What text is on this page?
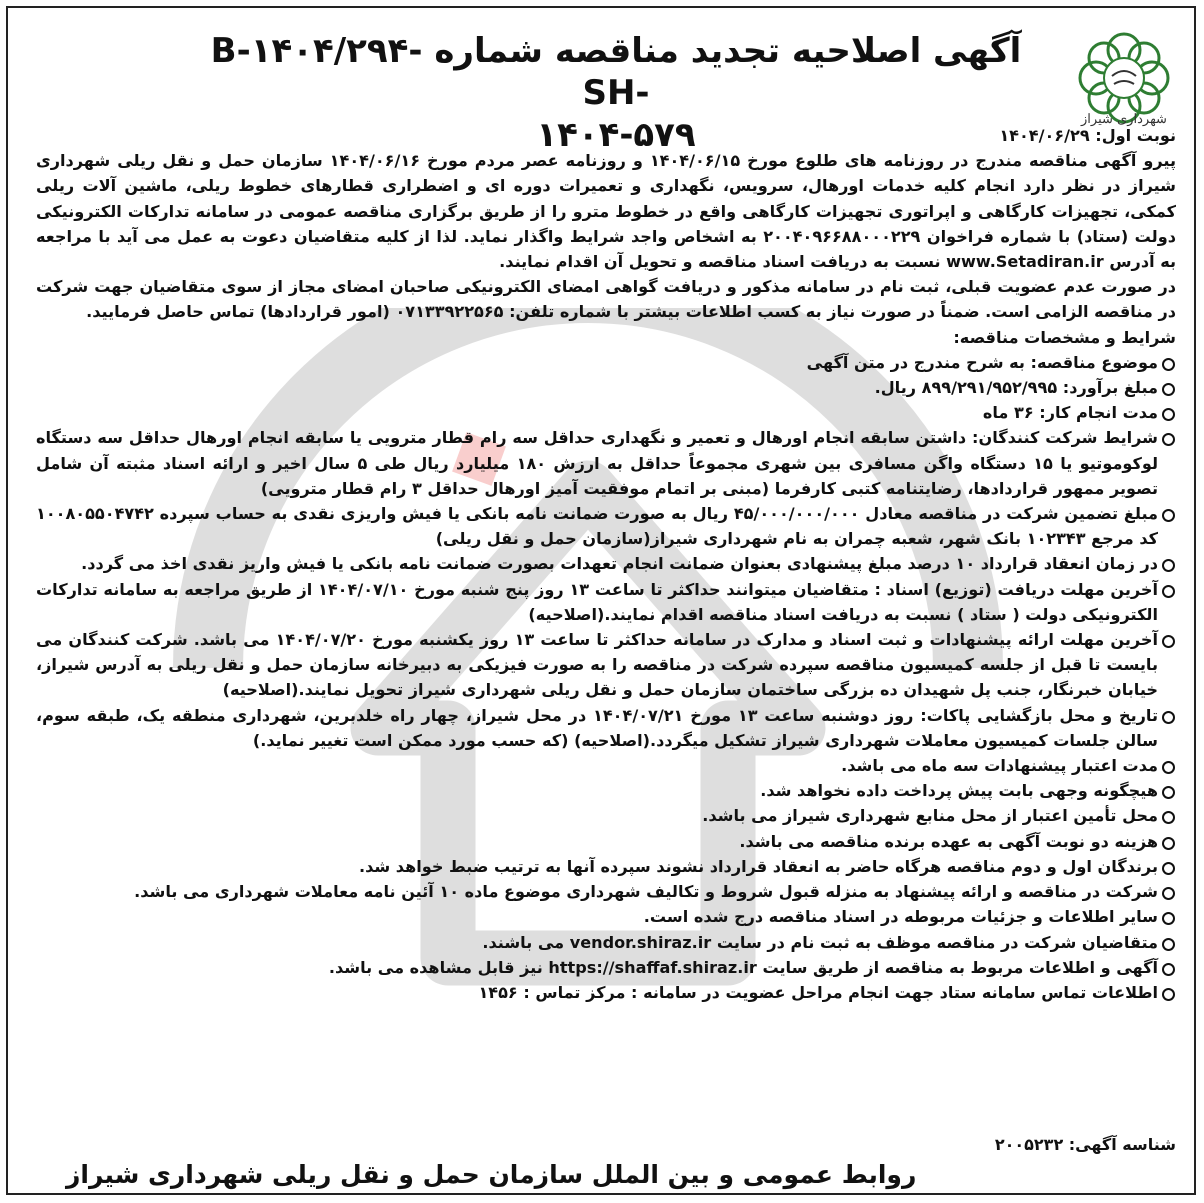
شهرداری شیراز
آگهی اصلاحیه تجدید مناقصه شماره B-۱۴۰۴/۲۹۴-SH-
۱۴۰۴-۵۷۹	نوبت اول: ۱۴۰۴/۰۶/۲۹

پیرو آگهی مناقصه مندرج در روزنامه های طلوع مورخ ۱۴۰۴/۰۶/۱۵ و روزنامه عصر مردم مورخ ۱۴۰۴/۰۶/۱۶ سازمان حمل و نقل ریلی شهرداری شیراز در نظر دارد انجام کلیه خدمات اورهال، سرویس، نگهداری و تعمیرات دوره ای و اضطراری قطارهای خطوط ریلی، ماشین آلات ریلی کمکی، تجهیزات کارگاهی و اپراتوری تجهیزات کارگاهی واقع در خطوط مترو را از طریق برگزاری مناقصه عمومی در سامانه تدارکات الکترونیکی دولت (ستاد) با شماره فراخوان ۲۰۰۴۰۹۶۶۸۸۰۰۰۲۲۹ به اشخاص واجد شرایط واگذار نماید. لذا از کلیه متقاضیان دعوت به عمل می آید با مراجعه به آدرس www.Setadiran.ir نسبت به دریافت اسناد مناقصه و تحویل آن اقدام نمایند.

در صورت عدم عضویت قبلی، ثبت نام در سامانه مذکور و دریافت گواهی امضای الکترونیکی صاحبان امضای مجاز از سوی متقاضیان جهت شرکت در مناقصه الزامی است. ضمناً در صورت نیاز به کسب اطلاعات بیشتر با شماره تلفن: ۰۷۱۳۳۹۲۲۵۶۵ (امور قراردادها) تماس حاصل فرمایید.

شرایط و مشخصات مناقصه:

موضوع مناقصه: به شرح مندرج در متن آگهی
مبلغ برآورد: ۸۹۹/۲۹۱/۹۵۲/۹۹۵ ریال.
مدت انجام کار: ۳۶ ماه
شرایط شرکت کنندگان: داشتن سابقه انجام اورهال و تعمیر و نگهداری حداقل سه رام قطار مترویی یا سابقه انجام اورهال حداقل سه دستگاه لوکوموتیو یا ۱۵ دستگاه واگن مسافری بین شهری مجموعاً حداقل به ارزش ۱۸۰ میلیارد ریال طی ۵ سال اخیر و ارائه اسناد مثبته آن شامل تصویر ممهور قراردادها، رضایتنامه کتبی کارفرما (مبنی بر اتمام موفقیت آمیز اورهال حداقل ۳ رام قطار مترویی)
مبلغ تضمین شرکت در مناقصه معادل ۴۵/۰۰۰/۰۰۰/۰۰۰ ریال به صورت ضمانت نامه بانکی یا فیش واریزی نقدی به حساب سپرده ۱۰۰۸۰۵۵۰۴۷۴۲ کد مرجع ۱۰۲۳۴۳ بانک شهر، شعبه چمران به نام شهرداری شیراز(سازمان حمل و نقل ریلی)
در زمان انعقاد قرارداد ۱۰ درصد مبلغ پیشنهادی بعنوان ضمانت انجام تعهدات بصورت ضمانت نامه بانکی یا فیش واریز نقدی اخذ می گردد.
آخرین مهلت دریافت (توزیع) اسناد : متقاضیان میتوانند حداکثر تا ساعت ۱۳ روز پنج شنبه مورخ ۱۴۰۴/۰۷/۱۰ از طریق مراجعه به سامانه تدارکات الکترونیکی دولت ( ستاد ) نسبت به دریافت اسناد مناقصه اقدام نمایند.(اصلاحیه)
آخرین مهلت ارائه پیشنهادات و ثبت اسناد و مدارک در سامانه حداکثر تا ساعت ۱۳ روز یکشنبه مورخ ۱۴۰۴/۰۷/۲۰ می باشد. شرکت کنندگان می بایست تا قبل از جلسه کمیسیون مناقصه سپرده شرکت در مناقصه را به صورت فیزیکی به دبیرخانه سازمان حمل و نقل ریلی به آدرس شیراز، خیابان خبرنگار، جنب پل شهیدان ده بزرگی ساختمان سازمان حمل و نقل ریلی شهرداری شیراز تحویل نمایند.(اصلاحیه)
تاریخ و محل بازگشایی پاکات: روز دوشنبه ساعت ۱۳ مورخ ۱۴۰۴/۰۷/۲۱ در محل شیراز، چهار راه خلدبرین، شهرداری منطقه یک، طبقه سوم، سالن جلسات کمیسیون معاملات شهرداری شیراز تشکیل میگردد.(اصلاحیه) (که حسب مورد ممکن است تغییر نماید.)
مدت اعتبار پیشنهادات سه ماه می باشد.
هیچگونه وجهی بابت پیش پرداخت داده نخواهد شد.
محل تأمین اعتبار از محل منابع شهرداری شیراز می باشد.
هزینه دو نوبت آگهی به عهده برنده مناقصه می باشد.
برندگان اول و دوم مناقصه هرگاه حاضر به انعقاد قرارداد نشوند سپرده آنها به ترتیب ضبط خواهد شد.
شرکت در مناقصه و ارائه پیشنهاد به منزله قبول شروط و تکالیف شهرداری موضوع ماده ۱۰ آئین نامه معاملات شهرداری می باشد.
سایر اطلاعات و جزئیات مربوطه در اسناد مناقصه درج شده است.
متقاضیان شرکت در مناقصه موظف به ثبت نام در سایت vendor.shiraz.ir می باشند.
آگهی و اطلاعات مربوط به مناقصه از طریق سایت https://shaffaf.shiraz.ir نیز قابل مشاهده می باشد.
اطلاعات تماس سامانه ستاد جهت انجام مراحل عضویت در سامانه : مرکز تماس : ۱۴۵۶
شناسه آگهی: ۲۰۰۵۲۳۲
روابط عمومی و بین الملل سازمان حمل و نقل ریلی شهرداری شیراز
